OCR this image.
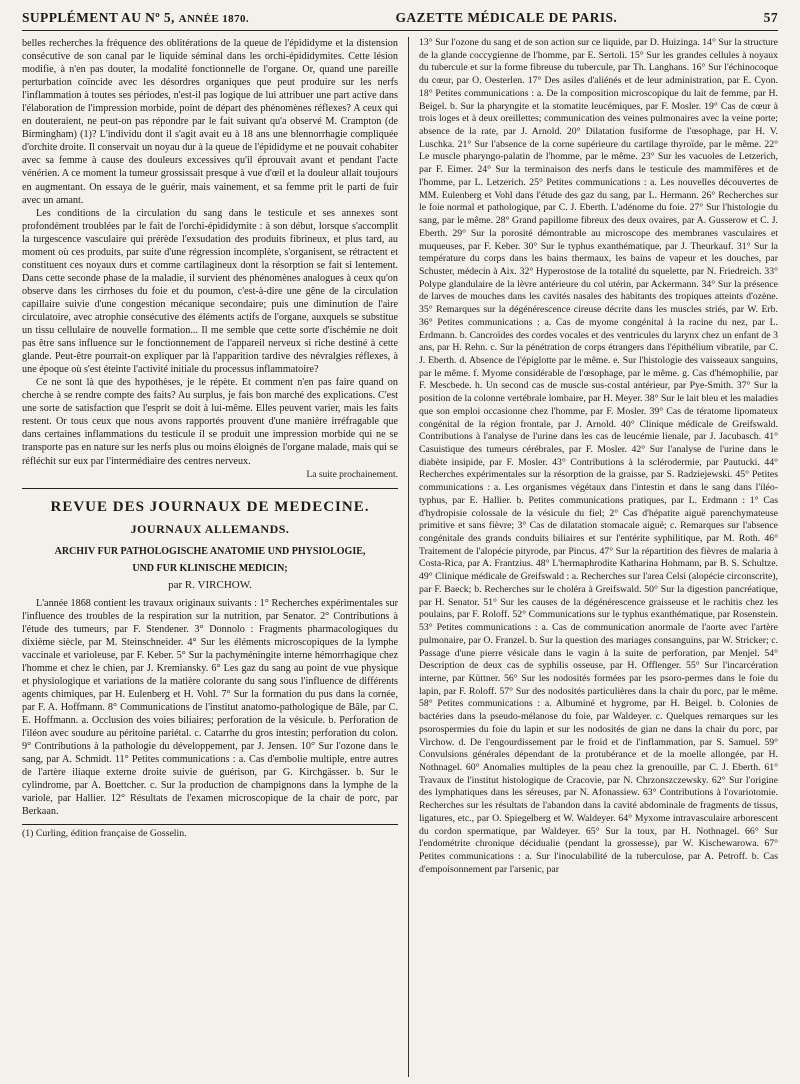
SUPPLÉMENT AU Nº 5, ANNÉE 1870.	GAZETTE MÉDICALE DE PARIS.	57

belles recherches la fréquence des oblitérations de la queue de l'épididyme et la distension consécutive de son canal par le liquide séminal dans les orchi-épididymites. Cette lésion modifie, à n'en pas douter, la modalité fonctionnelle de l'organe. Or, quand une pareille perturbation coïncide avec les désordres organiques que peut produire sur les nerfs l'inflammation à toutes ses périodes, n'est-il pas logique de lui attribuer une part active dans l'élaboration de l'impression morbide, point de départ des phénomènes réflexes? A ceux qui en douteraient, ne peut-on pas répondre par le fait suivant qu'a observé M. Crampton (de Birmingham) (1)? L'individu dont il s'agit avait eu à 18 ans une blennorrhagie compliquée d'orchite droite. Il conservait un noyau dur à la queue de l'épididyme et ne pouvait cohabiter avec sa femme à cause des douleurs excessives qu'il éprouvait avant et pendant l'acte vénérien. A ce moment la tumeur grossissait presque à vue d'œil et la douleur allait toujours en augmentant. On essaya de le guérir, mais vainement, et sa femme prit le parti de fuir avec un amant.

Les conditions de la circulation du sang dans le testicule et ses annexes sont profondément troublées par le fait de l'orchi-épididymite : à son début, lorsque s'accomplit la turgescence vasculaire qui prérède l'exsudation des produits fibrineux, et plus tard, au moment où ces produits, par suite d'une régression incomplète, s'organisent, se rétractent et constituent ces noyaux durs et comme cartilagineux dont la résorption se fait si lentement. Dans cette seconde phase de la maladie, il survient des phénomènes analogues à ceux qu'on observe dans les cirrhoses du foie et du poumon, c'est-à-dire une gêne de la circulation capillaire suivie d'une congestion mécanique secondaire; puis une diminution de l'aire circulatoire, avec atrophie consécutive des éléments actifs de l'organe, auxquels se substitue un tissu cellulaire de nouvelle formation... Il me semble que cette sorte d'ischémie ne doit pas être sans influence sur le fonctionnement de l'appareil nerveux si riche destiné à cette glande. Peut-être pourrait-on expliquer par là l'apparition tardive des névralgies réflexes, à une époque où s'est éteinte l'activité initiale du processus inflammatoire?

Ce ne sont là que des hypothèses, je le répète. Et comment n'en pas faire quand on cherche à se rendre compte des faits? Au surplus, je fais bon marché des explications. C'est une sorte de satisfaction que l'esprit se doit à lui-même. Elles peuvent varier, mais les faits restent. Or tous ceux que nous avons rapportés prouvent d'une manière irréfragable que dans certaines inflammations du testicule il se produit une impression morbide qui ne se transporte pas en nature sur les nerfs plus ou moins éloignés de l'organe malade, mais qui se réfléchit sur eux par l'intermédiaire des centres nerveux.

La suite prochainement.
REVUE DES JOURNAUX DE MEDECINE.
JOURNAUX ALLEMANDS.
ARCHIV FUR PATHOLOGISCHE ANATOMIE UND PHYSIOLOGIE,
UND FUR KLINISCHE MEDICIN;
par R. VIRCHOW.

L'année 1868 contient les travaux originaux suivants : 1° Recherches expérimentales sur l'influence des troubles de la respiration sur la nutrition, par Senator. 2° Contributions à l'étude des tumeurs, par F. Stendener. 3° Donnolo : Fragments pharmacologiques du dixième siècle, par M. Steinschneider. 4° Sur les éléments microscopiques de la lymphe vaccinale et varioleuse, par F. Keber. 5° Sur la pachyméningite interne hémorrhagique chez l'homme et chez le chien, par J. Kremiansky. 6° Les gaz du sang au point de vue physique et physiologique et variations de la matière colorante du sang sous l'influence de différents agents chimiques, par H. Eulenberg et H. Vohl. 7° Sur la formation du pus dans la cornée, par F. A. Hoffmann. 8° Communications de l'institut anatomo-pathologique de Bâle, par C. E. Hoffmann. a. Occlusion des voies biliaires; perforation de la vésicule. b. Perforation de l'iléon avec soudure au péritoine pariétal. c. Catarrhe du gros intestin; perforation du colon. 9° Contributions à la pathologie du développement, par J. Jensen. 10° Sur l'ozone dans le sang, par A. Schmidt. 11° Petites communications : a. Cas d'embolie multiple, entre autres de l'artère iliaque externe droite suivie de guérison, par G. Kirchgässer. b. Sur le cylindrome, par A. Boettcher. c. Sur la production de champignons dans la lymphe de la variole, par Hallier. 12° Résultats de l'examen microscopique de la chair de porc, par Berkaan.

(1) Curling, édition française de Gosselin.

13° Sur l'ozone du sang et de son action sur ce liquide, par D. Huizinga. 14° Sur la structure de la glande coccygienne de l'homme, par E. Sertoli. 15° Sur les grandes cellules à noyaux du tubercule et sur la forme fibreuse du tubercule, par Th. Langhans. 16° Sur l'échinocoque du cœur, par O. Oesterlen. 17° Des asiles d'aliénés et de leur administration, par E. Cyon. 18° Petites communications : a. De la composition microscopique du lait de femme, par H. Beigel. b. Sur la pharyngite et la stomatite leucémiques, par F. Mosler. 19° Cas de cœur à trois loges et à deux oreillettes; communication des veines pulmonaires avec la veine porte; absence de la rate, par J. Arnold. 20° Dilatation fusiforme de l'œsophage, par H. V. Luschka. 21° Sur l'absence de la corne supérieure du cartilage thyroïde, par le même. 22° Le muscle pharyngo-palatin de l'homme, par le même. 23° Sur les vacuoles de Letzerich, par F. Eimer. 24° Sur la terminaison des nerfs dans le testicule des mammifères et de l'homme, par L. Letzerich. 25° Petites communications : a. Les nouvelles découvertes de MM. Eulenberg et Vohl dans l'étude des gaz du sang, par L. Hermann. 26° Recherches sur le foie normal et pathologique, par C. J. Eberth. L'adénome du foie. 27° Sur l'histologie du sang, par le même. 28° Grand papillome fibreux des deux ovaires, par A. Gusserow et C. J. Eberth. 29° Sur la porosité démontrable au microscope des membranes vasculaires et muqueuses, par F. Keber. 30° Sur le typhus exanthématique, par J. Theurkauf. 31° Sur la température du corps dans les bains thermaux, les bains de vapeur et les douches, par Schuster, médecin à Aix. 32° Hyperostose de la totalité du squelette, par N. Friedreich. 33° Polype glandulaire de la lèvre antérieure du col utérin, par Ackermann. 34° Sur la présence de larves de mouches dans les cavités nasales des habitants des tropiques atteints d'ozène. 35° Remarques sur la dégénérescence cireuse décrite dans les muscles striés, par W. Erb. 36° Petites communications : a. Cas de myome congénital à la racine du nez, par L. Erdmann. b. Cancroïdes des cordes vocales et des ventricules du larynx chez un enfant de 3 ans, par H. Rehn. c. Sur la pénétration de corps étrangers dans l'épithélium vibratile, par C. J. Eberth. d. Absence de l'épiglotte par le même. e. Sur l'histologie des vaisseaux sanguins, par le même. f. Myome considérable de l'œsophage, par le même. g. Cas d'hémophilie, par F. Mescbede. h. Un second cas de muscle sus-costal antérieur, par Pye-Smith. 37° Sur la position de la colonne vertébrale lombaire, par H. Meyer. 38° Sur le lait bleu et les maladies que son emploi occasionne chez l'homme, par F. Mosler. 39° Cas de tératome lipomateux congénital de la région frontale, par J. Arnold. 40° Clinique médicale de Greifswald. Contributions à l'analyse de l'urine dans les cas de leucémie lienale, par J. Jacubasch. 41° Casuistique des tumeurs cérébrales, par F. Mosler. 42° Sur l'analyse de l'urine dans le diabète insipide, par F. Mosler. 43° Contributions à la sclérodermie, par Pautucki. 44° Recherches expérimentales sur la résorption de la graisse, par S. Radziejewski. 45° Petites communications : a. Les organismes végétaux dans l'intestin et dans le sang dans l'iléo-typhus, par E. Hallier. b. Petites communications pratiques, par L. Erdmann : 1° Cas d'hydropisie colossale de la vésicule du fiel; 2° Cas d'hépatite aiguë parenchymateuse primitive et sans fièvre; 3° Cas de dilatation stomacale aiguë; c. Remarques sur l'absence congénitale des grands conduits biliaires et sur l'entérite syphilitique, par M. Roth. 46° Traitement de l'alopécie pityrode, par Pincus. 47° Sur la répartition des fièvres de malaria à Costa-Rica, par A. Frantzius. 48° L'hermaphrodite Katharina Hohmann, par B. S. Schultze. 49° Clinique médicale de Greifswald : a. Recherches sur l'area Celsi (alopécie circonscrite), par F. Baeck; b. Recherches sur le choléra à Greifswald. 50° Sur la digestion pancréatique, par H. Senator. 51° Sur les causes de la dégénérescence graisseuse et le rachitis chez les poulains, par F. Roloff. 52° Communications sur le typhus exanthématique, par Rosenstein. 53° Petites communications : a. Cas de communication anormale de l'aorte avec l'artère pulmonaire, par O. Franzel. b. Sur la question des mariages consanguins, par W. Stricker; c. Passage d'une pierre vésicale dans le vagin à la suite de perforation, par Menjel. 54° Description de deux cas de syphilis osseuse, par H. Offlenger. 55° Sur l'incarcération interne, par Küttner. 56° Sur les nodosités formées par les psoro-permes dans le foie du lapin, par F. Roloff. 57° Sur des nodosités particulières dans la chair du porc, par le même. 58° Petites communications : a. Albuminé et hygrome, par H. Beigel. b. Colonies de bactéries dans la pseudo-mélanose du foie, par Waldeyer. c. Quelques remarques sur les psorospermies du foie du lapin et sur les nodosités de gian ne dans la chair du porc, par Virchow. d. De l'engourdissement par le froid et de l'inflammation, par S. Samuel. 59° Convulsions générales dépendant de la protubérance et de la moelle allongée, par H. Nothnagel. 60° Anomalies multiples de la peau chez la grenouille, par C. J. Eberth. 61° Travaux de l'institut histologique de Cracovie, par N. Chrzonszczewsky. 62° Sur l'origine des lymphatiques dans les séreuses, par N. Afonassiew. 63° Contributions à l'ovariotomie. Recherches sur les résultats de l'abandon dans la cavité abdominale de fragments de tissus, ligatures, etc., par O. Spiegelberg et W. Waldeyer. 64° Myxome intravasculaire arborescent du cordon spermatique, par Waldeyer. 65° Sur la toux, par H. Nothnagel. 66° Sur l'endométrite chronique décidualie (pendant la grossesse), par W. Kischewarowa. 67° Petites communications : a. Sur l'inoculabilité de la tuberculose, par A. Petroff. b. Cas d'empoisonnement par l'arsenic, par
